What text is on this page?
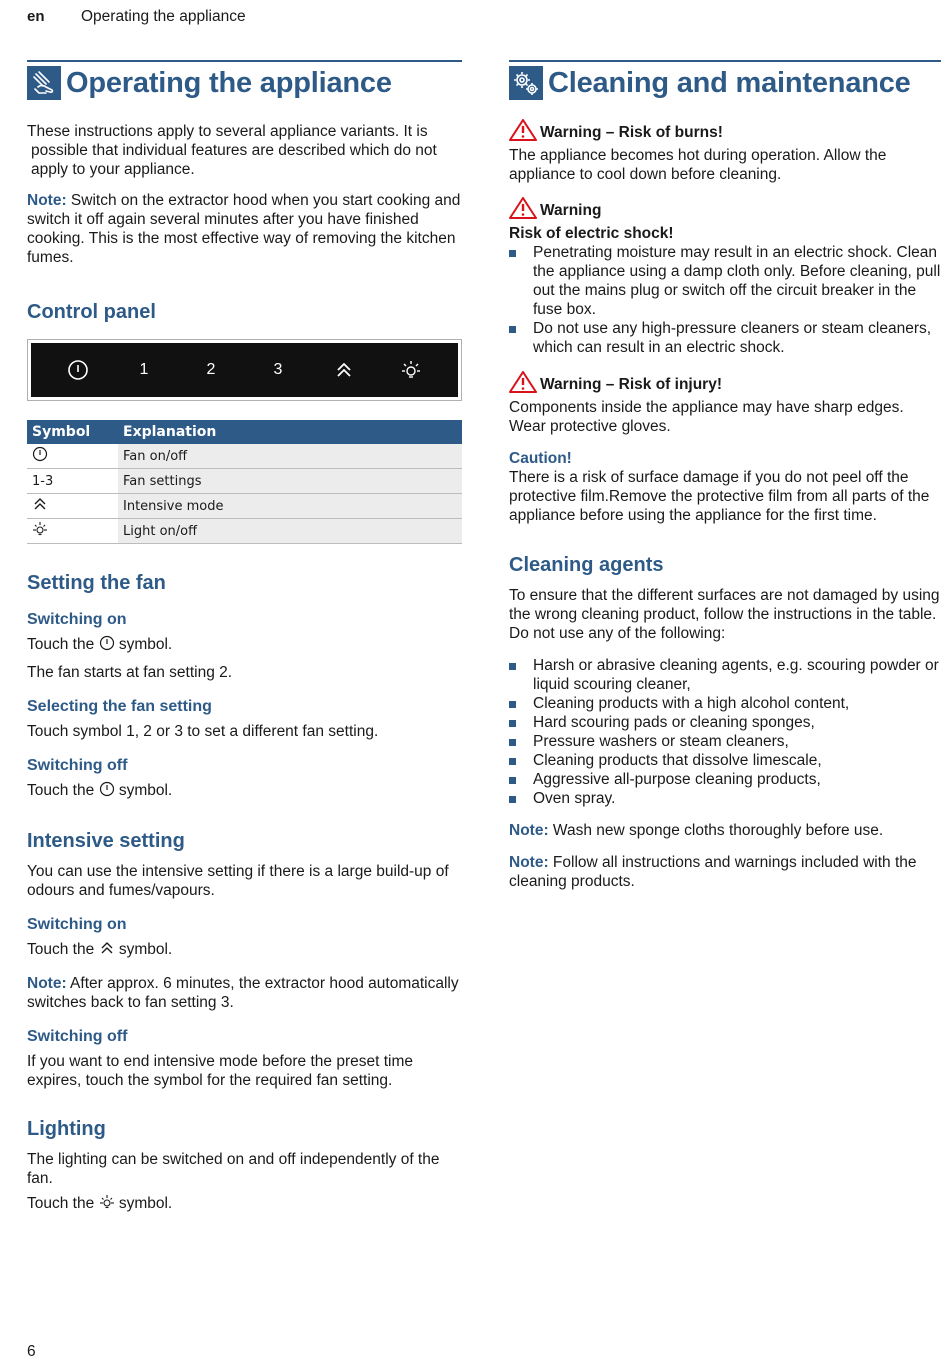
en Operating the appliance
Operating the appliance

These instructions apply to several appliance variants. It is possible that individual features are described which do not apply to your appliance.

Note: Switch on the extractor hood when you start cooking and switch it off again several minutes after you have finished cooking. This is the most effective way of removing the kitchen fumes.

Control panel
1	2	3
Symbol	Explanation
	Fan on/off
1-3	Fan settings
	Intensive mode
	Light on/off
Setting the fan
Switching on

Touch the  symbol.

The fan starts at fan setting 2.

Selecting the fan setting

Touch symbol 1, 2 or 3 to set a different fan setting.

Switching off

Touch the  symbol.

Intensive setting

You can use the intensive setting if there is a large build-up of odours and fumes/vapours.

Switching on

Touch the  symbol.

Note: After approx. 6 minutes, the extractor hood automatically switches back to fan setting 3.

Switching off

If you want to end intensive mode before the preset time expires, touch the symbol for the required fan setting.

Lighting

The lighting can be switched on and off independently of the fan.

Touch the  symbol.

Cleaning and maintenance
Warning – Risk of burns!

The appliance becomes hot during operation. Allow the appliance to cool down before cleaning.

Warning

Risk of electric shock!

Penetrating moisture may result in an electric shock. Clean the appliance using a damp cloth only. Before cleaning, pull out the mains plug or switch off the circuit breaker in the fuse box.
Do not use any high-pressure cleaners or steam cleaners, which can result in an electric shock.
Warning – Risk of injury!

Components inside the appliance may have sharp edges. Wear protective gloves.

Caution!

There is a risk of surface damage if you do not peel off the protective film.Remove the protective film from all parts of the appliance before using the appliance for the first time.

Cleaning agents

To ensure that the different surfaces are not damaged by using the wrong cleaning product, follow the instructions in the table. Do not use any of the following:

Harsh or abrasive cleaning agents, e.g. scouring powder or liquid scouring cleaner,
Cleaning products with a high alcohol content,
Hard scouring pads or cleaning sponges,
Pressure washers or steam cleaners,
Cleaning products that dissolve limescale,
Aggressive all-purpose cleaning products,
Oven spray.

Note: Wash new sponge cloths thoroughly before use.

Note: Follow all instructions and warnings included with the cleaning products.

6
